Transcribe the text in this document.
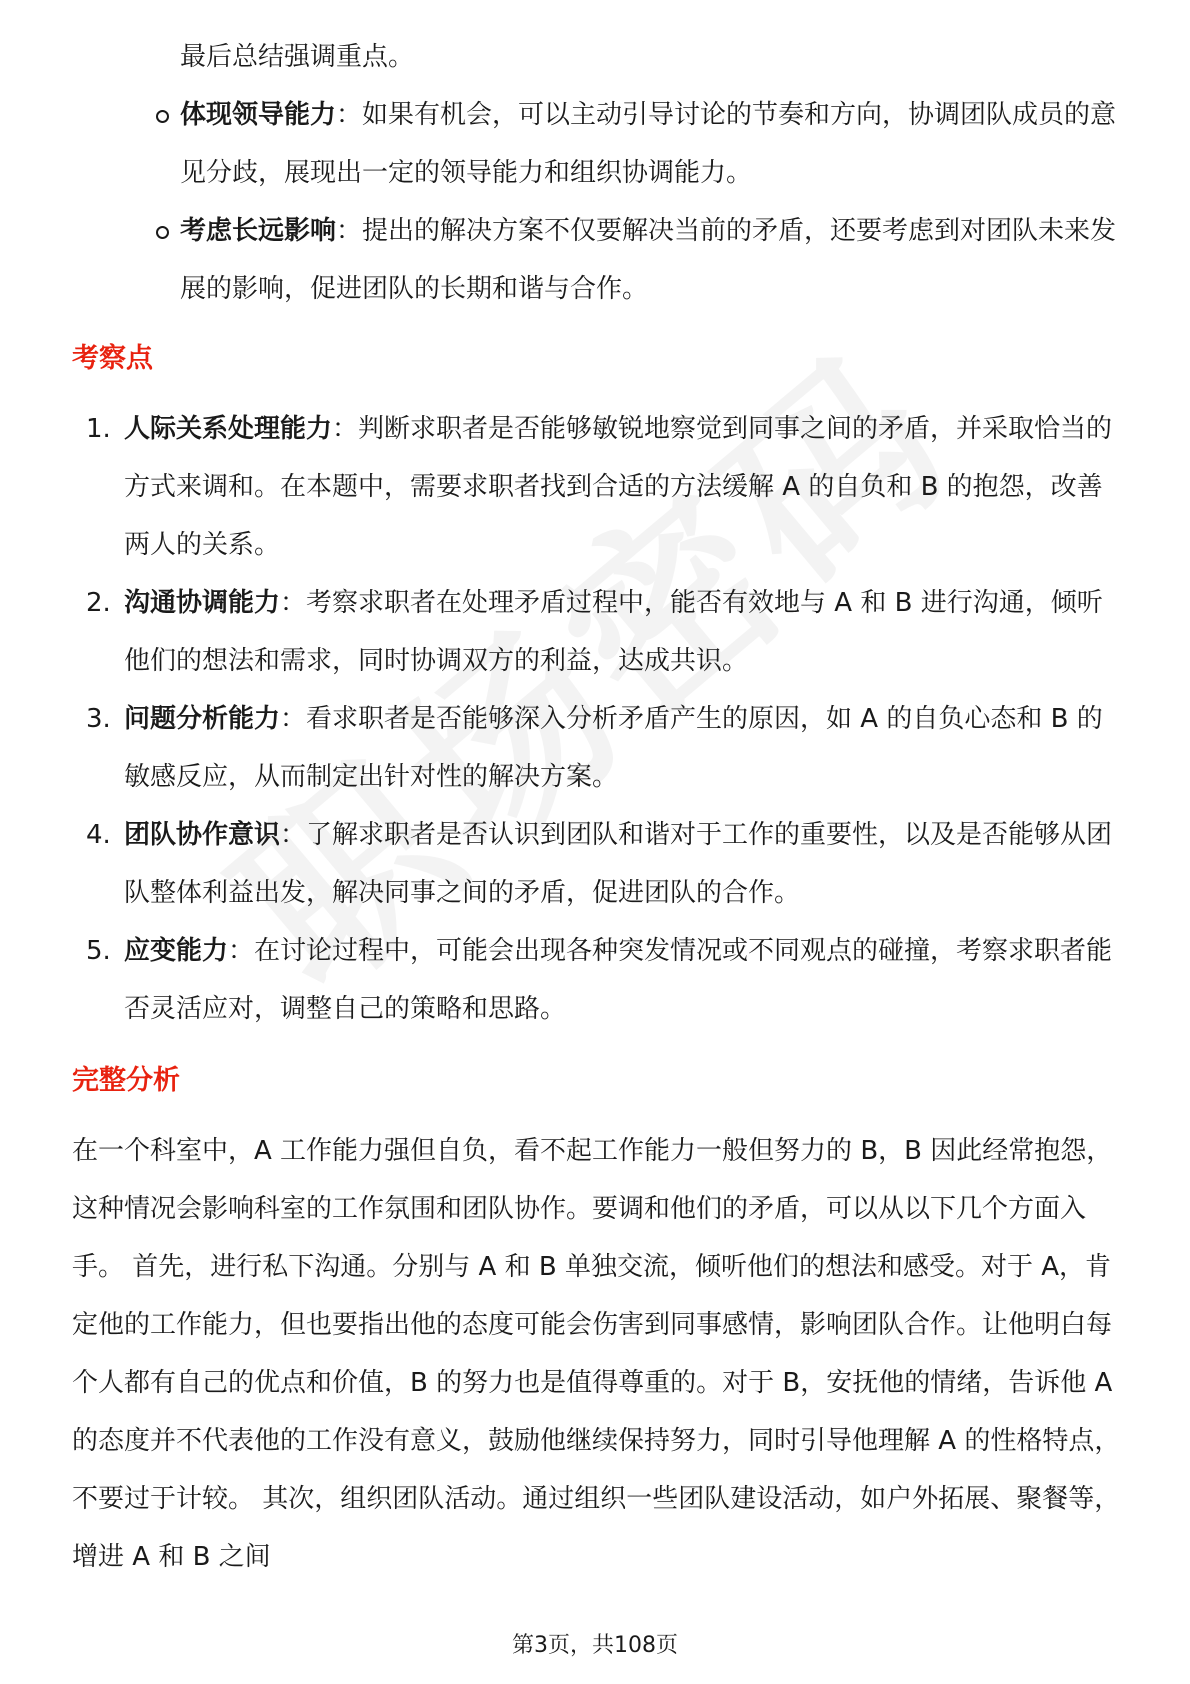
最后总结强调重点。

体现领导能力：如果有机会，可以主动引导讨论的节奏和方向，协调团队成员的意见分歧，展现出一定的领导能力和组织协调能力。
考虑长远影响：提出的解决方案不仅要解决当前的矛盾，还要考虑到对团队未来发展的影响，促进团队的长期和谐与合作。
考察点
1. 人际关系处理能力：判断求职者是否能够敏锐地察觉到同事之间的矛盾，并采取恰当的方式来调和。在本题中，需要求职者找到合适的方法缓解 A 的自负和 B 的抱怨，改善两人的关系。
2. 沟通协调能力：考察求职者在处理矛盾过程中，能否有效地与 A 和 B 进行沟通，倾听他们的想法和需求，同时协调双方的利益，达成共识。
3. 问题分析能力：看求职者是否能够深入分析矛盾产生的原因，如 A 的自负心态和 B 的敏感反应，从而制定出针对性的解决方案。
4. 团队协作意识：了解求职者是否认识到团队和谐对于工作的重要性，以及是否能够从团队整体利益出发，解决同事之间的矛盾，促进团队的合作。
5. 应变能力：在讨论过程中，可能会出现各种突发情况或不同观点的碰撞，考察求职者能否灵活应对，调整自己的策略和思路。
完整分析

在一个科室中，A 工作能力强但自负，看不起工作能力一般但努力的 B，B 因此经常抱怨，这种情况会影响科室的工作氛围和团队协作。要调和他们的矛盾，可以从以下几个方面入手。 首先，进行私下沟通。分别与 A 和 B 单独交流，倾听他们的想法和感受。对于 A，肯定他的工作能力，但也要指出他的态度可能会伤害到同事感情，影响团队合作。让他明白每个人都有自己的优点和价值，B 的努力也是值得尊重的。对于 B，安抚他的情绪，告诉他 A 的态度并不代表他的工作没有意义，鼓励他继续保持努力，同时引导他理解 A 的性格特点，不要过于计较。 其次，组织团队活动。通过组织一些团队建设活动，如户外拓展、聚餐等，增进 A 和 B 之间

第3页，共108页
